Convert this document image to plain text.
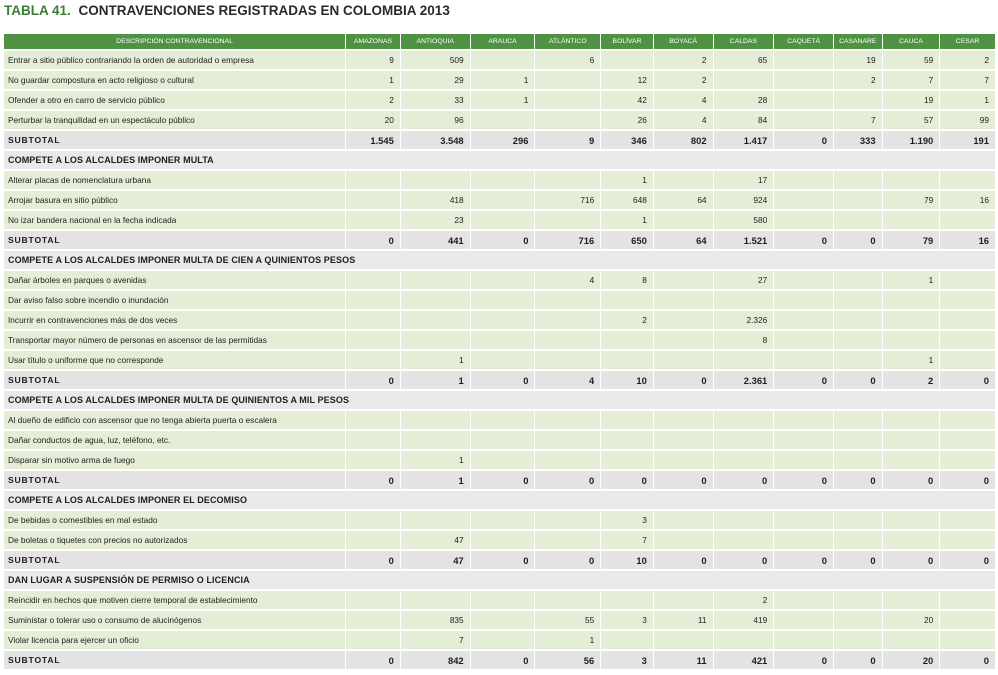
TABLA 41. CONTRAVENCIONES REGISTRADAS EN COLOMBIA 2013
DESCRIPCIÓN CONTRAVENCIONAL	AMAZONAS	ANTIOQUIA	ARAUCA	ATLÁNTICO	BOLÍVAR	BOYACÁ	CALDAS	CAQUETÁ	CASANARE	CAUCA	CESAR
Entrar a sitio público contrariando la orden de autoridad o empresa	9	509		6		2	65		19	59	2
No guardar compostura en acto religioso o cultural	1	29	1		12	2			2	7	7
Ofender a otro en carro de servicio público	2	33	1		42	4	28			19	1
Perturbar la tranquilidad en un espectáculo público	20	96			26	4	84		7	57	99
SUBTOTAL	1.545	3.548	296	9	346	802	1.417	0	333	1.190	191
COMPETE A LOS ALCALDES IMPONER MULTA											
Alterar placas de nomenclatura urbana					1		17				
Arrojar basura en sitio público		418		716	648	64	924			79	16
No izar bandera nacional en la fecha indicada		23			1		580				
SUBTOTAL	0	441	0	716	650	64	1.521	0	0	79	16
COMPETE A LOS ALCALDES IMPONER MULTA DE CIEN A QUINIENTOS PESOS											
Dañar árboles en parques o avenidas				4	8		27			1	
Dar aviso falso sobre incendio o inundación											
Incurrir en contravenciones más de dos veces					2		2.326				
Transportar mayor número de personas en ascensor de las permitidas							8				
Usar título o uniforme que no corresponde		1								1	
SUBTOTAL	0	1	0	4	10	0	2.361	0	0	2	0
COMPETE A LOS ALCALDES IMPONER MULTA DE QUINIENTOS A MIL PESOS											
Al dueño de edificio con ascensor que no tenga abierta puerta o escalera											
Dañar conductos de agua, luz, teléfono, etc.											
Disparar sin motivo arma de fuego		1									
SUBTOTAL	0	1	0	0	0	0	0	0	0	0	0
COMPETE A LOS ALCALDES IMPONER EL DECOMISO											
De bebidas o comestibles en mal estado					3						
De boletas o tiquetes con precios no autorizados		47			7						
SUBTOTAL	0	47	0	0	10	0	0	0	0	0	0
DAN LUGAR A SUSPENSIÓN DE PERMISO O LICENCIA											
Reincidir en hechos que motiven cierre temporal de establecimiento							2				
Suministar o tolerar uso o consumo de alucinógenos		835		55	3	11	419			20	
Violar licencia para ejercer un oficio		7		1							
SUBTOTAL	0	842	0	56	3	11	421	0	0	20	0
